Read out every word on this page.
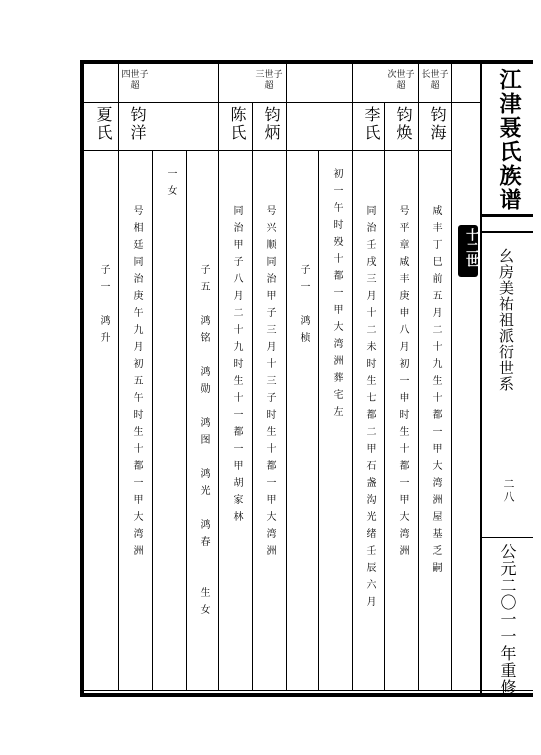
四世子超
三世子超
次世子超
长世子超
夏氏 钧洋	陈氏 钧炳	李氏 钧焕 钧海
咸丰丁巳前五月二十九生十都一甲大湾洲屋基乏嗣
号平章咸丰庚申八月初一申时生十都一甲大湾洲
同治壬戌三月十二未时生七都二甲石盏沟光绪壬辰六月
初一午时殁十都一甲大湾洲葬宅左
子一　鸿桢
号兴顺同治甲子三月十三子时生十都一甲大湾洲
同治甲子八月二十九时生十一都一甲胡家林
子五　鸿铭　鸿勋　鸿图　鸿光　鸿春　　生女
一女
号相廷同治庚午九月初五午时生十都一甲大湾洲
子一　鸿升
江津聂氏族谱
十二世
幺房美祐祖派衍世系
二八
公元二〇一一年重修
